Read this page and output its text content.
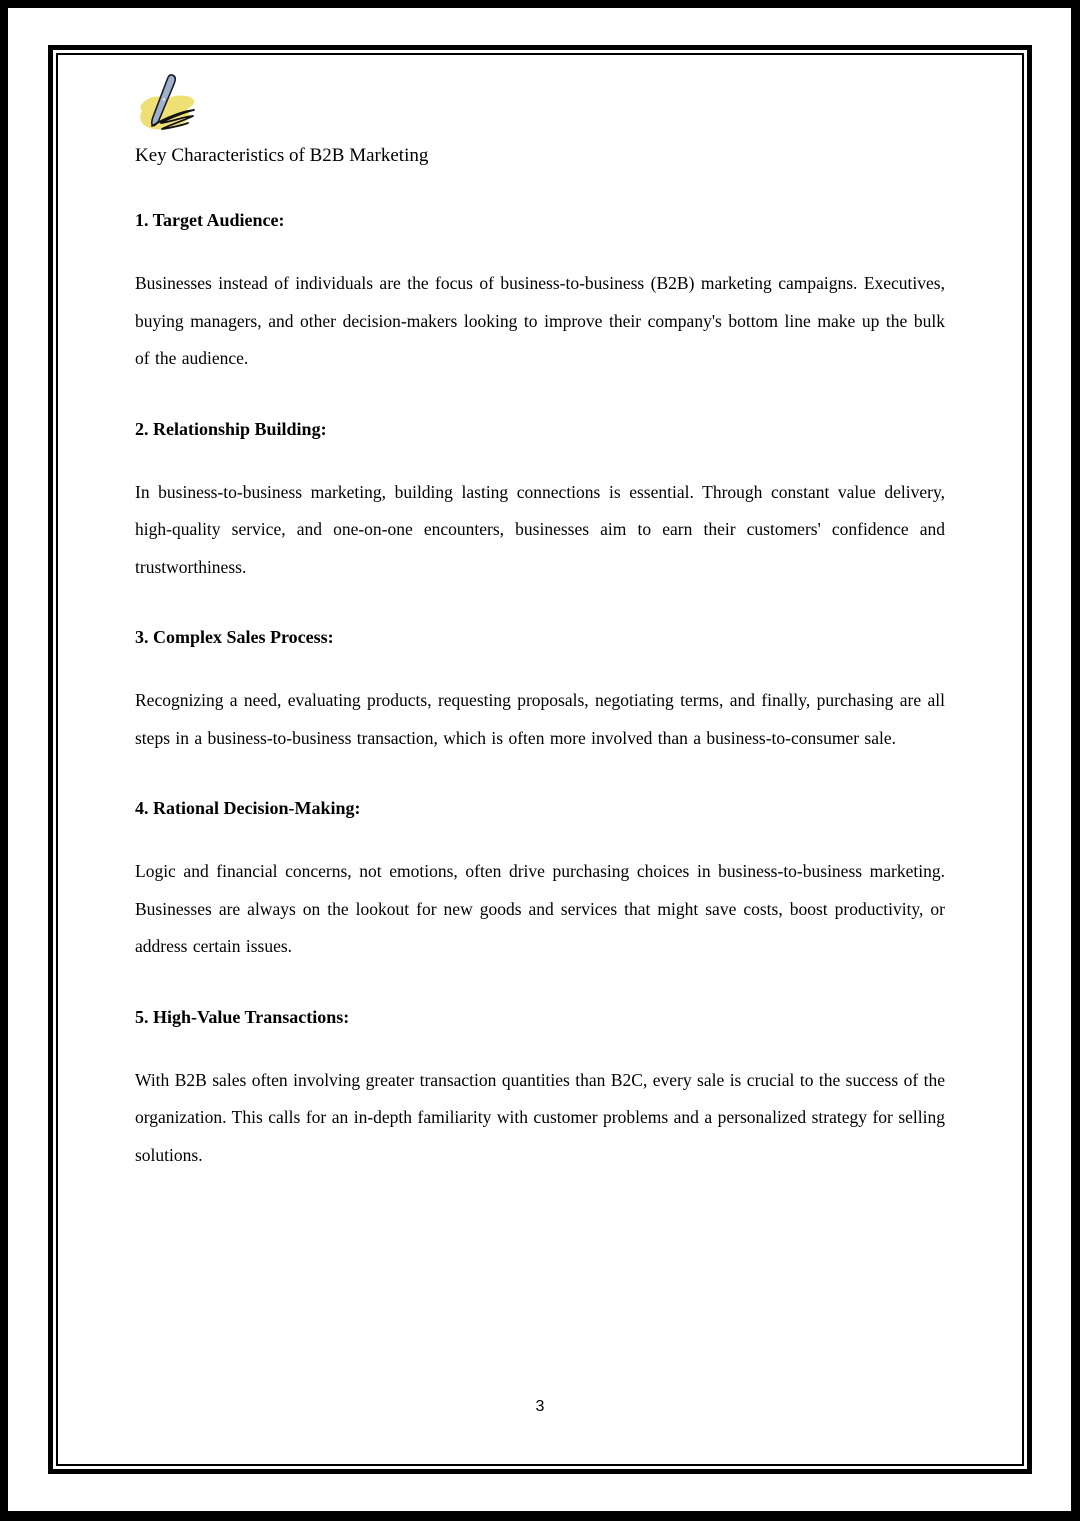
Key Characteristics of B2B Marketing
1. Target Audience:

Businesses instead of individuals are the focus of business-to-business (B2B) marketing campaigns. Executives, buying managers, and other decision-makers looking to improve their company's bottom line make up the bulk of the audience.

2. Relationship Building:

In business-to-business marketing, building lasting connections is essential. Through constant value delivery, high-quality service, and one-on-one encounters, businesses aim to earn their customers' confidence and trustworthiness.

3. Complex Sales Process:

Recognizing a need, evaluating products, requesting proposals, negotiating terms, and finally, purchasing are all steps in a business-to-business transaction, which is often more involved than a business-to-consumer sale.

4. Rational Decision-Making:

Logic and financial concerns, not emotions, often drive purchasing choices in business-to-business marketing. Businesses are always on the lookout for new goods and services that might save costs, boost productivity, or address certain issues.

5. High-Value Transactions:

With B2B sales often involving greater transaction quantities than B2C, every sale is crucial to the success of the organization. This calls for an in-depth familiarity with customer problems and a personalized strategy for selling solutions.

3
